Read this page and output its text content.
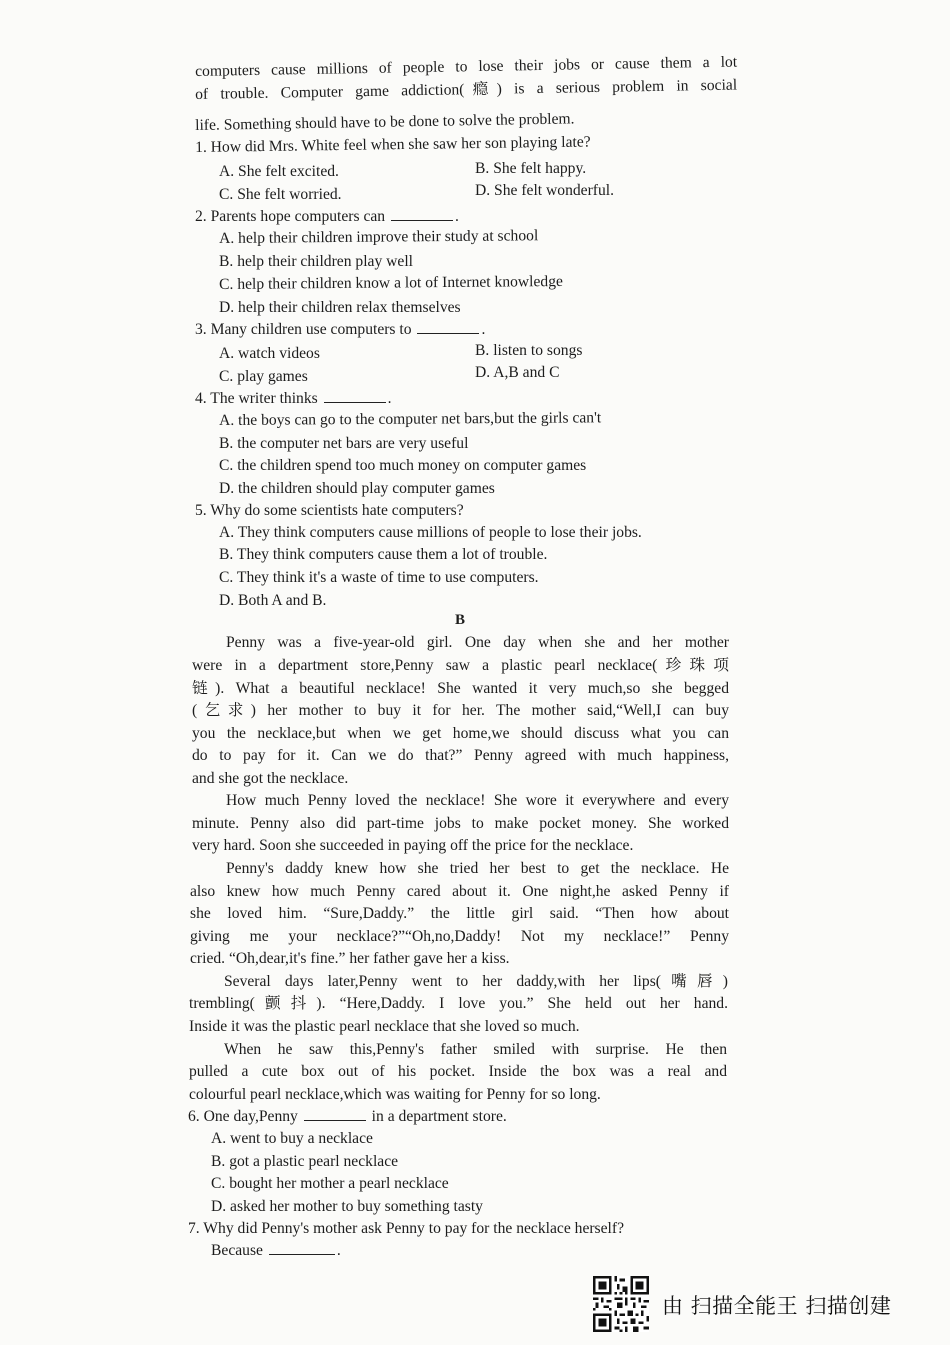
computers cause millions of people to lose their jobs or cause them a lot
of trouble. Computer game addiction(瘾) is a serious problem in social
life. Something should have to be done to solve the problem.
1. How did Mrs. White feel when she saw her son playing late?
A. She felt excited.	B. She felt happy.
C. She felt worried.	D. She felt wonderful.
2. Parents hope computers can	.
A. help their children improve their study at school
B. help their children play well
C. help their children know a lot of Internet knowledge
D. help their children relax themselves
3. Many children use computers to	.
A. watch videos	B. listen to songs
C. play games	D. A,B and C
4. The writer thinks	.
A. the boys can go to the computer net bars,but the girls can't
B. the computer net bars are very useful
C. the children spend too much money on computer games
D. the children should play computer games
5. Why do some scientists hate computers?
A. They think computers cause millions of people to lose their jobs.
B. They think computers cause them a lot of trouble.
C. They think it's a waste of time to use computers.
D. Both A and B.
B
Penny was a five-year-old girl. One day when she and her mother
were in a department store,Penny saw a plastic pearl necklace(珍珠项
链). What a beautiful necklace! She wanted it very much,so she begged
(乞求) her mother to buy it for her. The mother said,“Well,I can buy
you the necklace,but when we get home,we should discuss what you can
do to pay for it. Can we do that?” Penny agreed with much happiness,
and she got the necklace.
How much Penny loved the necklace! She wore it everywhere and every
minute. Penny also did part-time jobs to make pocket money. She worked
very hard. Soon she succeeded in paying off the price for the necklace.
Penny's daddy knew how she tried her best to get the necklace. He
also knew how much Penny cared about it. One night,he asked Penny if
she loved him. “Sure,Daddy.” the little girl said. “Then how about
giving me your necklace?”“Oh,no,Daddy! Not my necklace!” Penny
cried. “Oh,dear,it's fine.” her father gave her a kiss.
Several days later,Penny went to her daddy,with her lips(嘴唇)
trembling(颤抖). “Here,Daddy. I love you.” She held out her hand.
Inside it was the plastic pearl necklace that she loved so much.
When he saw this,Penny's father smiled with surprise. He then
pulled a cute box out of his pocket. Inside the box was a real and
colourful pearl necklace,which was waiting for Penny for so long.
6. One day,Penny	in a department store.
A. went to buy a necklace
B. got a plastic pearl necklace
C. bought her mother a pearl necklace
D. asked her mother to buy something tasty
7. Why did Penny's mother ask Penny to pay for the necklace herself?
Because	.
由 扫描全能王 扫描创建
